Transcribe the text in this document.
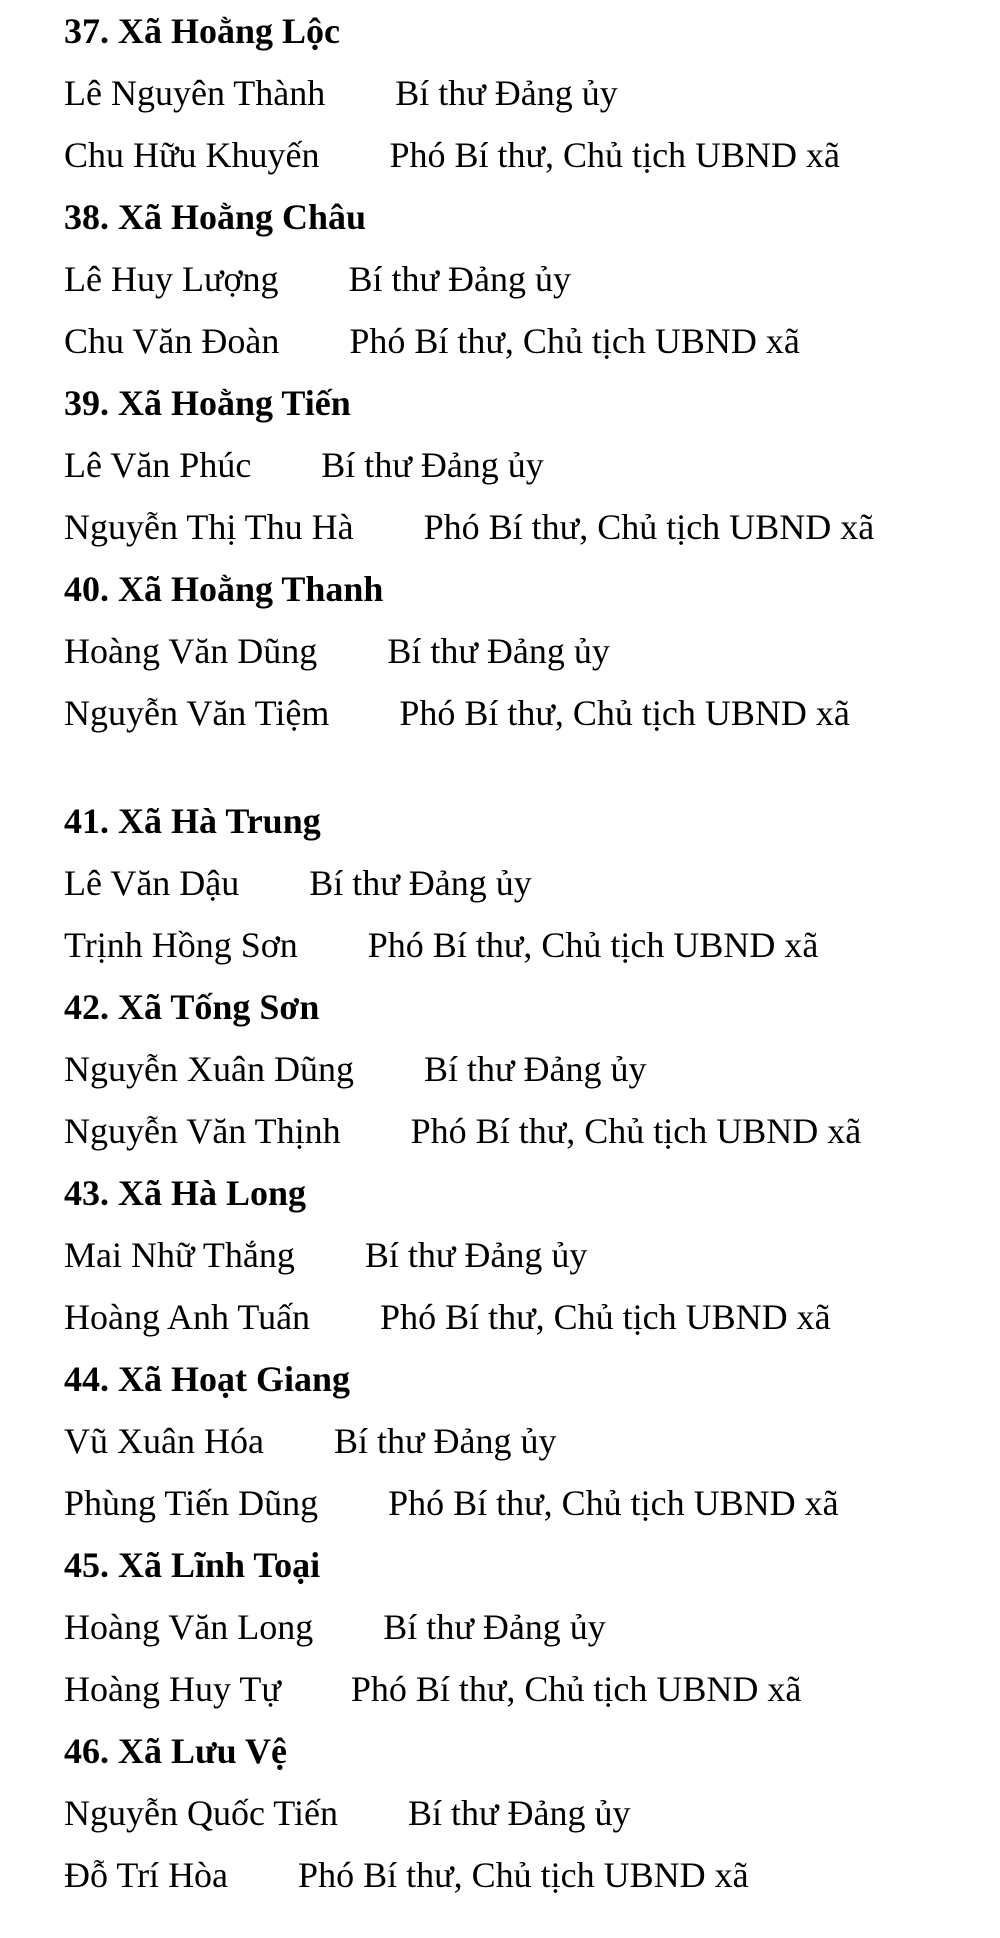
37. Xã Hoằng Lộc

Lê Nguyên Thành Bí thư Đảng ủy

Chu Hữu Khuyến Phó Bí thư, Chủ tịch UBND xã

38. Xã Hoằng Châu

Lê Huy Lượng Bí thư Đảng ủy

Chu Văn Đoàn Phó Bí thư, Chủ tịch UBND xã

39. Xã Hoằng Tiến

Lê Văn Phúc Bí thư Đảng ủy

Nguyễn Thị Thu Hà Phó Bí thư, Chủ tịch UBND xã

40. Xã Hoằng Thanh

Hoàng Văn Dũng Bí thư Đảng ủy

Nguyễn Văn Tiệm Phó Bí thư, Chủ tịch UBND xã

41. Xã Hà Trung

Lê Văn Dậu Bí thư Đảng ủy

Trịnh Hồng Sơn Phó Bí thư, Chủ tịch UBND xã

42. Xã Tống Sơn

Nguyễn Xuân Dũng Bí thư Đảng ủy

Nguyễn Văn Thịnh Phó Bí thư, Chủ tịch UBND xã

43. Xã Hà Long

Mai Nhữ Thắng Bí thư Đảng ủy

Hoàng Anh Tuấn Phó Bí thư, Chủ tịch UBND xã

44. Xã Hoạt Giang

Vũ Xuân Hóa Bí thư Đảng ủy

Phùng Tiến Dũng Phó Bí thư, Chủ tịch UBND xã

45. Xã Lĩnh Toại

Hoàng Văn Long Bí thư Đảng ủy

Hoàng Huy Tự Phó Bí thư, Chủ tịch UBND xã

46. Xã Lưu Vệ

Nguyễn Quốc Tiến Bí thư Đảng ủy

Đỗ Trí Hòa Phó Bí thư, Chủ tịch UBND xã
